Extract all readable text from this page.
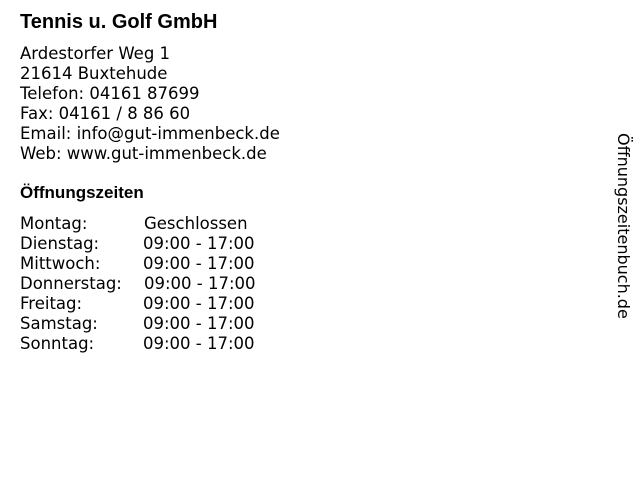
Tennis u. Golf GmbH
Ardestorfer Weg 1
21614 Buxtehude
Telefon: 04161 87699
Fax: 04161 / 8 86 60
Email: info@gut-immenbeck.de
Web: www.gut-immenbeck.de
Öffnungszeiten
Montag:	Geschlossen
Dienstag:	09:00 - 17:00
Mittwoch:	09:00 - 17:00
Donnerstag: 09:00 - 17:00
Freitag:	09:00 - 17:00
Samstag:	09:00 - 17:00
Sonntag:	09:00 - 17:00
Öffnungszeitenbuch.de
